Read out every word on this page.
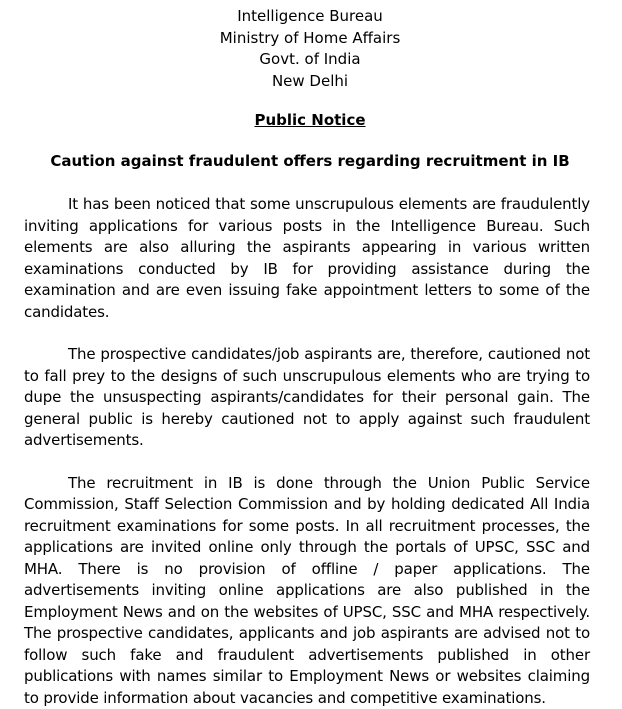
Intelligence Bureau
Ministry of Home Affairs
Govt. of India
New Delhi
Public Notice
Caution against fraudulent offers regarding recruitment in IB

It has been noticed that some unscrupulous elements are fraudulently inviting applications for various posts in the Intelligence Bureau. Such elements are also alluring the aspirants appearing in various written examinations conducted by IB for providing assistance during the examination and are even issuing fake appointment letters to some of the candidates.

The prospective candidates/job aspirants are, therefore, cautioned not to fall prey to the designs of such unscrupulous elements who are trying to dupe the unsuspecting aspirants/candidates for their personal gain. The general public is hereby cautioned not to apply against such fraudulent advertisements.

The recruitment in IB is done through the Union Public Service Commission, Staff Selection Commission and by holding dedicated All India recruitment examinations for some posts. In all recruitment processes, the applications are invited online only through the portals of UPSC, SSC and MHA. There is no provision of offline / paper applications. The advertisements inviting online applications are also published in the Employment News and on the websites of UPSC, SSC and MHA respectively. The prospective candidates, applicants and job aspirants are advised not to follow such fake and fraudulent advertisements published in other publications with names similar to Employment News or websites claiming to provide information about vacancies and competitive examinations.
